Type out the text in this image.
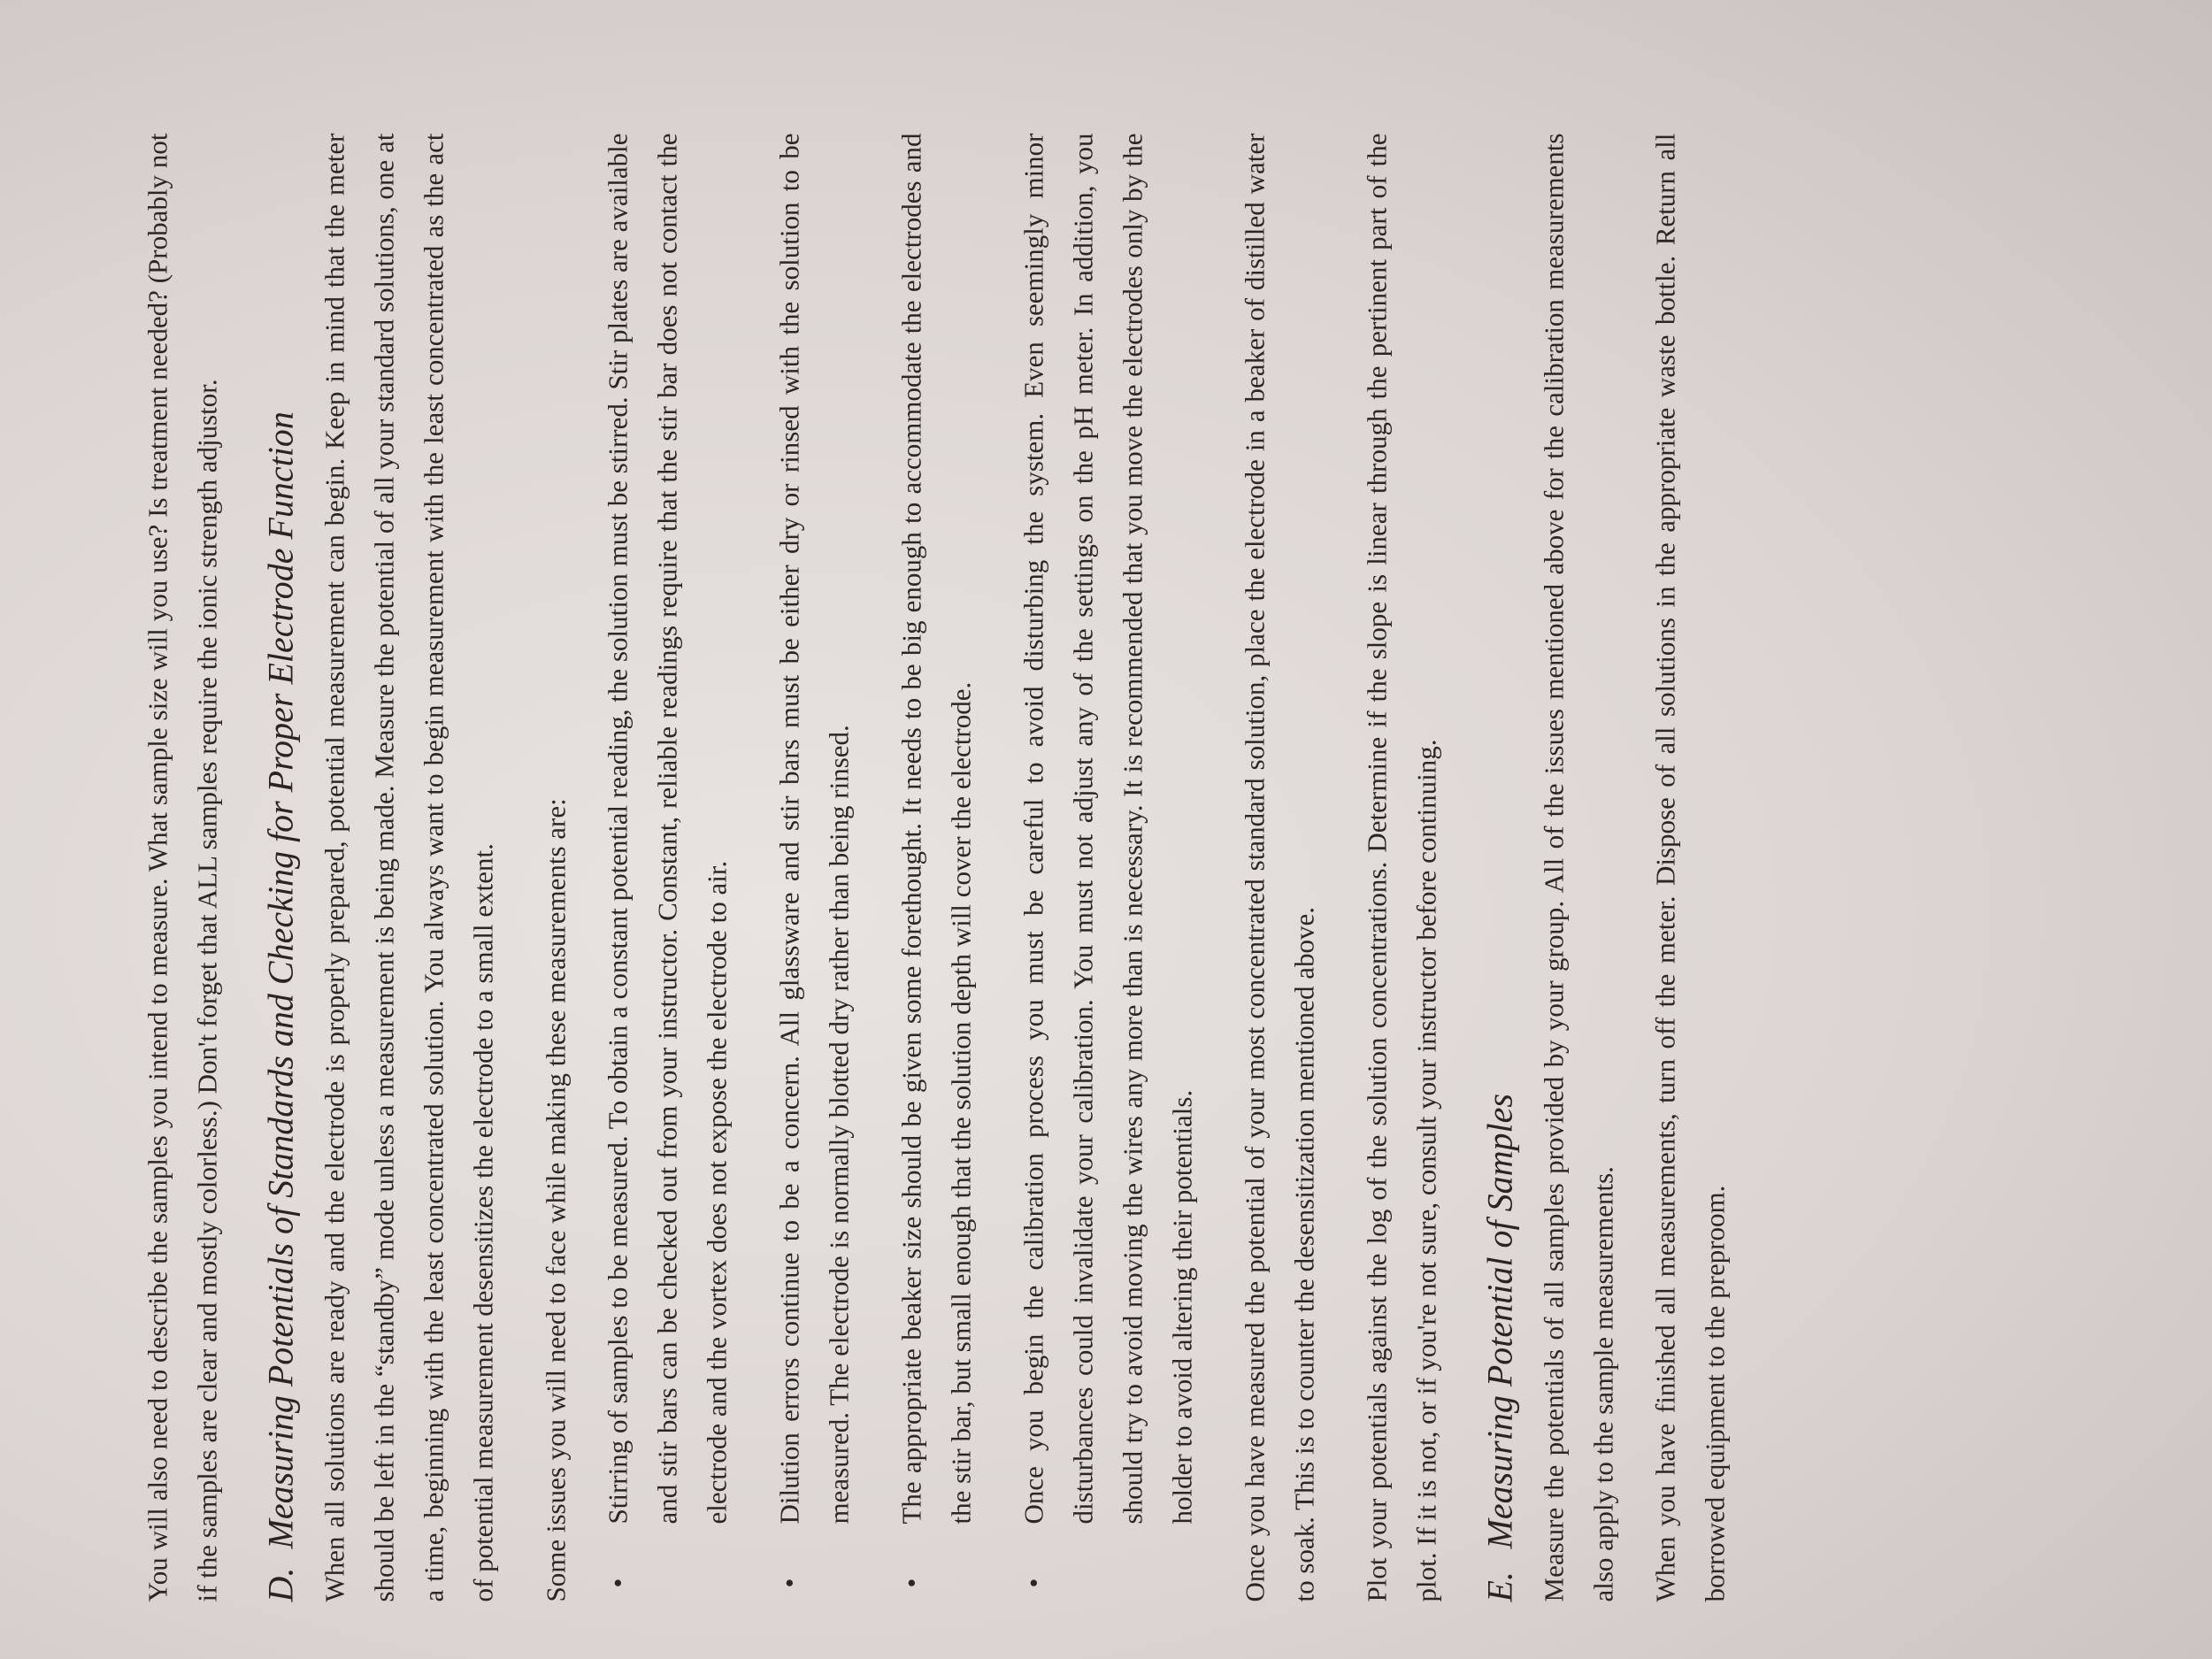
You will also need to describe the samples you intend to measure. What sample size will you use? Is treatment needed? (Probably not if the samples are clear and mostly colorless.) Don't forget that ALL samples require the ionic strength adjustor. D.Measuring Potentials of Standards and Checking for Proper Electrode Function When all solutions are ready and the electrode is properly prepared, potential measurement can begin. Keep in mind that the meter should be left in the “standby” mode unless a measurement is being made. Measure the potential of all your standard solutions, one at a time, beginning with the least concentrated solution. You always want to begin measurement with the least concentrated as the act of potential measurement desensitizes the electrode to a small extent.	Some issues you will need to face while making these measurements are:	•
Stirring of samples to be measured. To obtain a constant potential reading, the solution must be stirred. Stir plates are available and stir bars can be checked out from your instructor. Constant, reliable readings require that the stir bar does not contact the electrode and the vortex does not expose the electrode to air.
•
Dilution errors continue to be a concern. All glassware and stir bars must be either dry or rinsed with the solution to be measured. The electrode is normally blotted dry rather than being rinsed.
•
The appropriate beaker size should be given some forethought. It needs to be big enough to accommodate the electrodes and the stir bar, but small enough that the solution depth will cover the electrode.
•
Once you begin the calibration process you must be careful to avoid disturbing the system. Even seemingly minor disturbances could invalidate your calibration. You must not adjust any of the settings on the pH meter. In addition, you should try to avoid moving the wires any more than is necessary. It is recommended that you move the electrodes only by the holder to avoid altering their potentials.	Once you have measured the potential of your most concentrated standard solution, place the electrode in a beaker of distilled water to soak. This is to counter the desensitization mentioned above.	Plot your potentials against the log of the solution concentrations. Determine if the slope is linear through the pertinent part of the plot. If it is not, or if you're not sure, consult your instructor before continuing. E.Measuring Potential of Samples Measure the potentials of all samples provided by your group. All of the issues mentioned above for the calibration measurements also apply to the sample measurements.	When you have finished all measurements, turn off the meter. Dispose of all solutions in the appropriate waste bottle. Return all borrowed equipment to the preproom.
